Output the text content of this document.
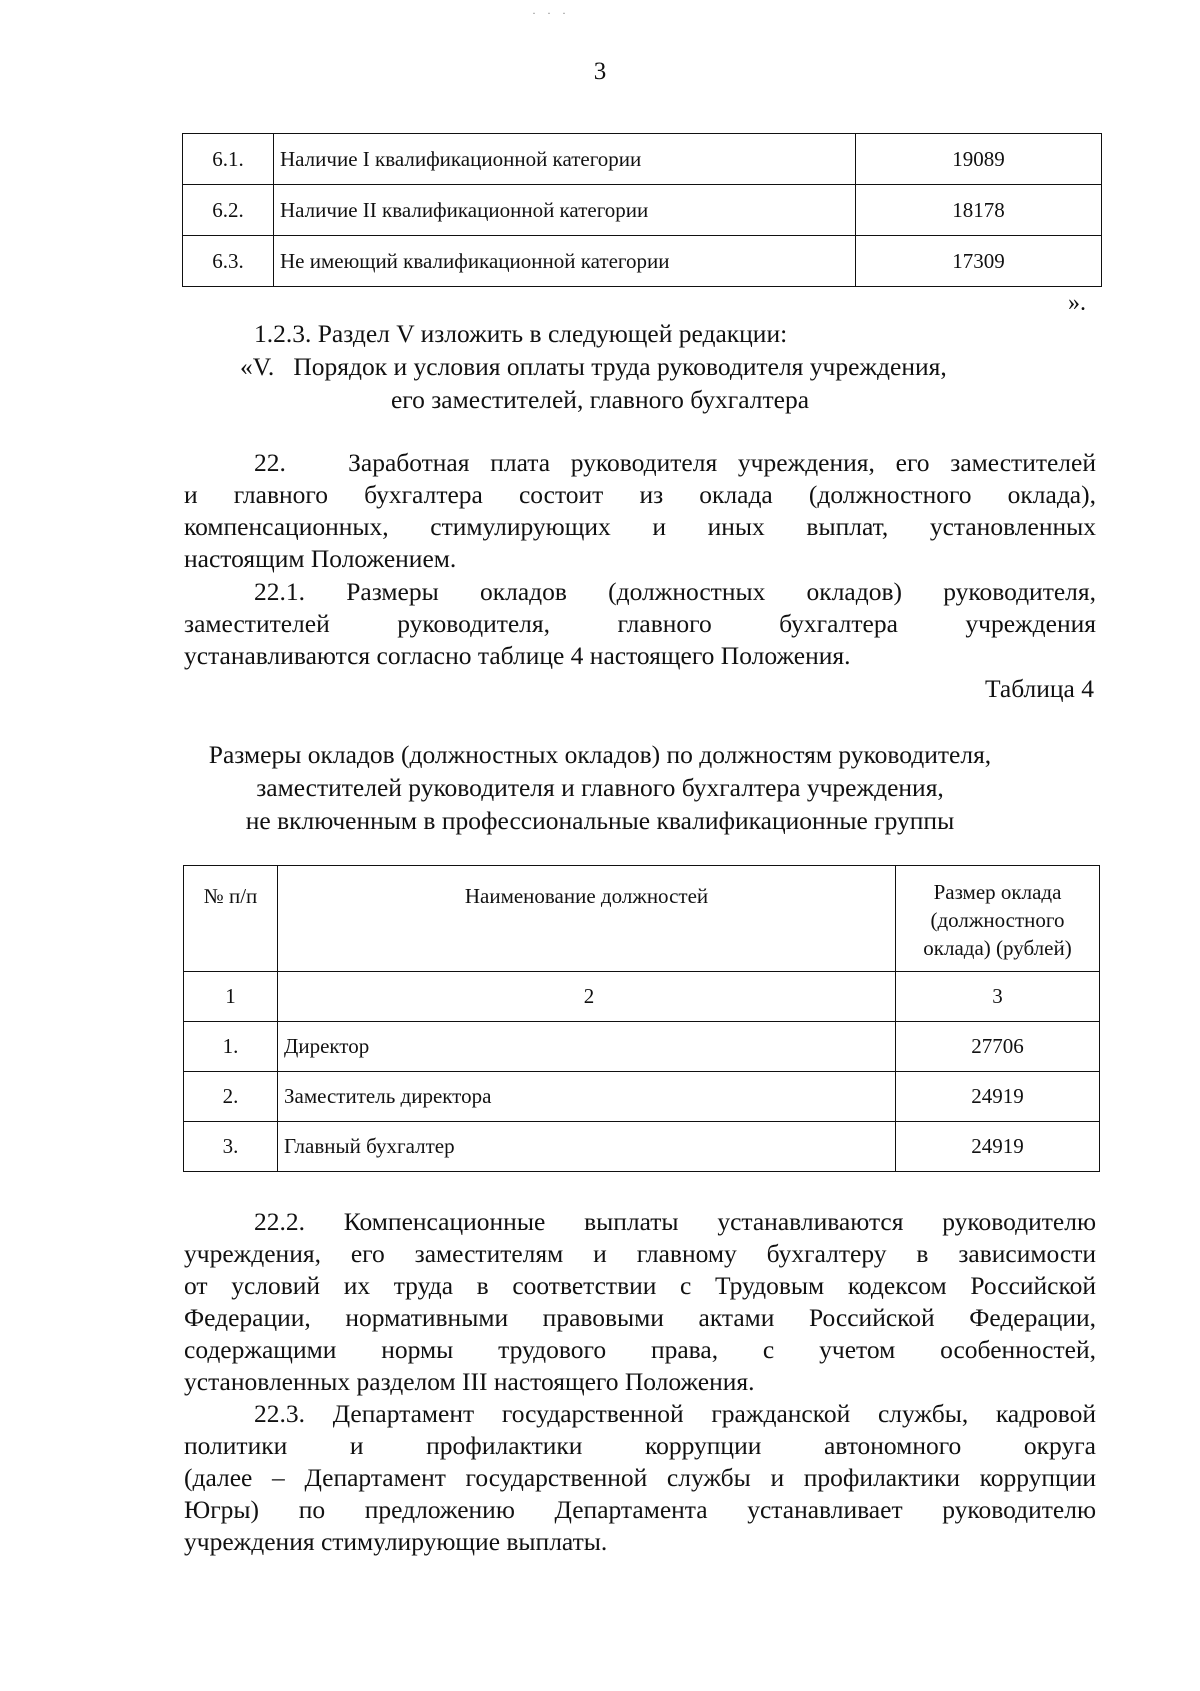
· · ·
3
6.1.	Наличие I квалификационной категории	19089
6.2.	Наличие II квалификационной категории	18178
6.3.	Не имеющий квалификационной категории	17309
».
1.2.3. Раздел V изложить в следующей редакции:
«V.   Порядок и условия оплаты труда руководителя учреждения,
его заместителей, главного бухгалтера
22.   Заработная плата руководителя учреждения, его заместителей
и главного бухгалтера состоит из оклада (должностного оклада),
компенсационных, стимулирующих и иных выплат, установленных
настоящим Положением.
22.1. Размеры окладов (должностных окладов) руководителя,
заместителей руководителя, главного бухгалтера учреждения
устанавливаются согласно таблице 4 настоящего Положения.
Таблица 4
Размеры окладов (должностных окладов) по должностям руководителя,
заместителей руководителя и главного бухгалтера учреждения,
не включенным в профессиональные квалификационные группы
№ п/п	Наименование должностей	Размер оклада
(должностного
оклада) (рублей)

1	2	3
1.	Директор	27706
2.	Заместитель директора	24919
3.	Главный бухгалтер	24919
22.2. Компенсационные выплаты устанавливаются руководителю
учреждения, его заместителям и главному бухгалтеру в зависимости
от условий их труда в соответствии с Трудовым кодексом Российской
Федерации, нормативными правовыми актами Российской Федерации,
содержащими нормы трудового права, с учетом особенностей,
установленных разделом III настоящего Положения.
22.3. Департамент государственной гражданской службы, кадровой
политики и профилактики коррупции автономного округа
(далее – Департамент государственной службы и профилактики коррупции
Югры) по предложению Департамента устанавливает руководителю
учреждения стимулирующие выплаты.
